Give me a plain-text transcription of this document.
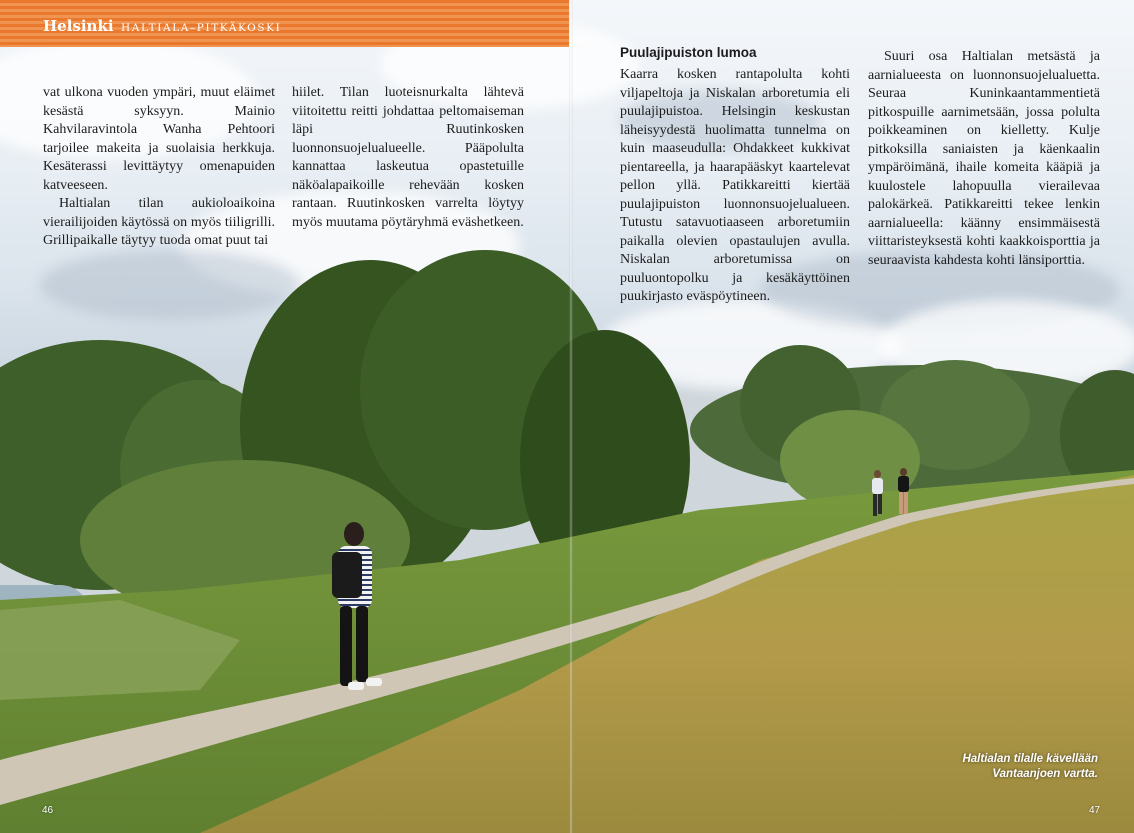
Helsinki HALTIALA–PITKÄKOSKI

vat ulkona vuoden ympäri, muut eläimet kesästä syksyyn. Mainio Kahvilaravintola Wanha Pehtoori tarjoilee makeita ja suolaisia herkkuja. Kesäterassi levittäytyy omenapuiden katveeseen.

Haltialan tilan aukioloaikoina vierailijoiden käytössä on myös tiiligrilli. Grillipaikalle täytyy tuoda omat puut tai

hiilet. Tilan luoteisnurkalta lähtevä viitoitettu reitti johdattaa peltomaiseman läpi Ruutinkosken luonnonsuojelualueelle. Pääpolulta kannattaa laskeutua opastetuille näköalapaikoille rehevään kosken rantaan. Ruutinkosken varrelta löytyy myös muutama pöytäryhmä eväshetkeen.

46
Puulajipuiston lumoa

Kaarra kosken rantapolulta kohti viljapeltoja ja Niskalan arboretumia eli puulajipuistoa. Helsingin keskustan läheisyydestä huolimatta tunnelma on kuin maaseudulla: Ohdakkeet kukkivat pientareella, ja haarapääskyt kaartelevat pellon yllä. Patikkareitti kiertää puulajipuiston luonnonsuojelualueen. Tutustu satavuotiaaseen arboretumiin paikalla olevien opastaulujen avulla. Niskalan arboretumissa on puuluontopolku ja kesäkäyttöinen puukirjasto eväspöytineen.

Suuri osa Haltialan metsästä ja aarnialueesta on luonnonsuojelualuetta. Seuraa Kuninkaantammentietä pitkospuille aarnimetsään, jossa polulta poikkeaminen on kielletty. Kulje pitkoksilla saniaisten ja käenkaalin ympäröimänä, ihaile komeita kääpiä ja kuulostele lahopuulla vierailevaa palokärkeä. Patikkareitti tekee lenkin aarnialueella: käänny ensimmäisestä viittaristeyksestä kohti kaakkoisporttia ja seuraavista kahdesta kohti länsiporttia.

Haltialan tilalle kävellään
Vantaanjoen vartta.
47
